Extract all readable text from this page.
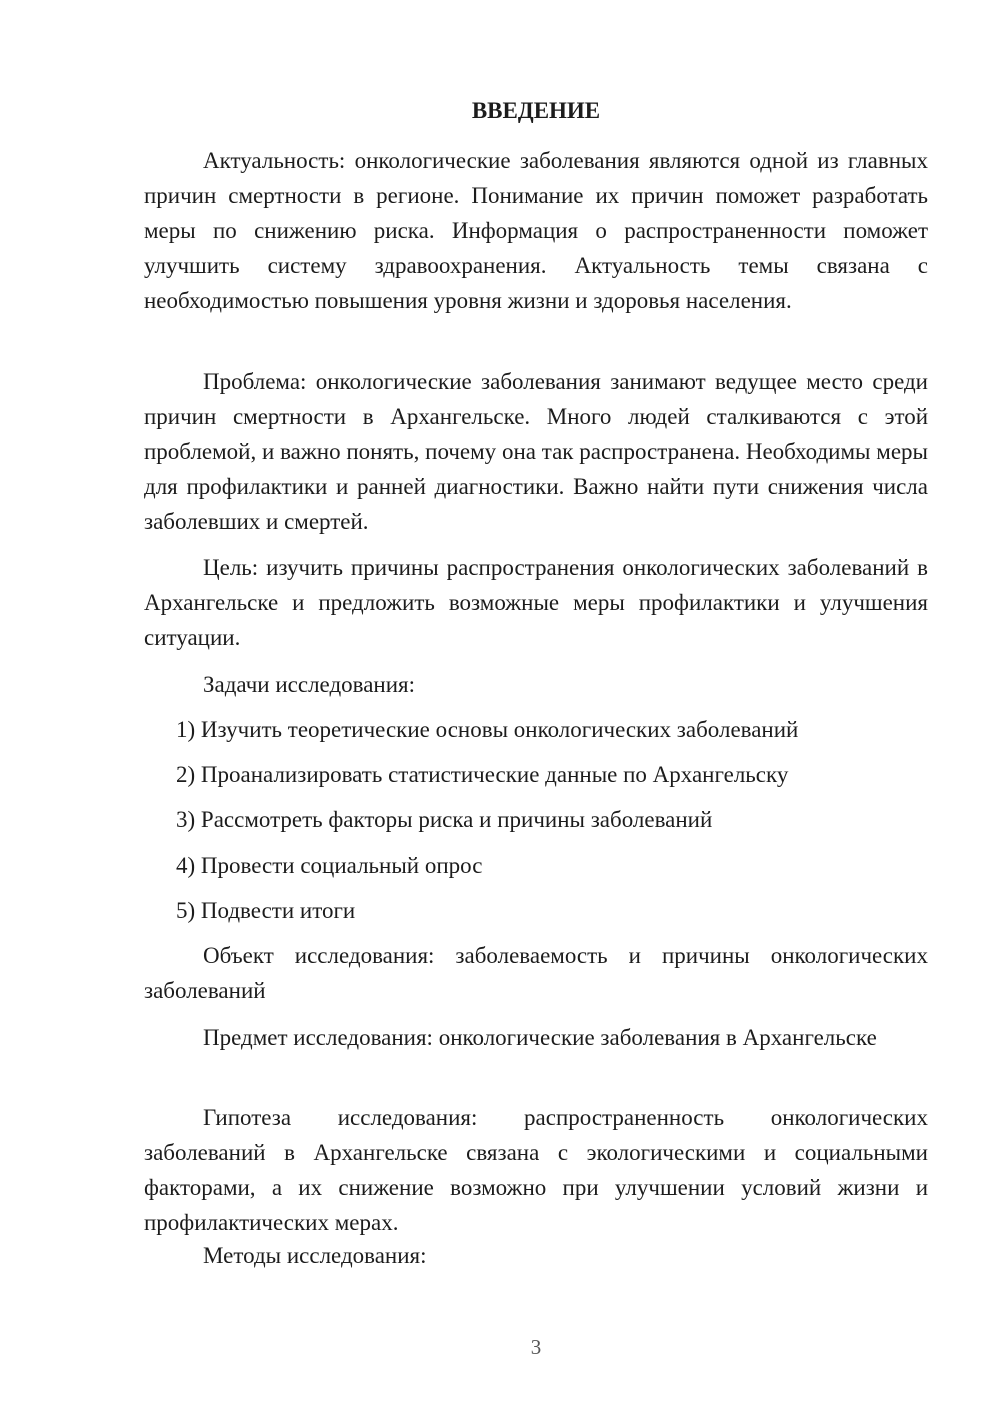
ВВЕДЕНИЕ

Актуальность: онкологические заболевания являются одной из главных причин смертности в регионе. Понимание их причин поможет разработать меры по снижению риска. Информация о распространенности поможет улучшить систему здравоохранения. Актуальность темы связана с необходимостью повышения уровня жизни и здоровья населения.

Проблема: онкологические заболевания занимают ведущее место среди причин смертности в Архангельске. Много людей сталкиваются с этой проблемой, и важно понять, почему она так распространена. Необходимы меры для профилактики и ранней диагностики. Важно найти пути снижения числа заболевших и смертей.

Цель: изучить причины распространения онкологических заболеваний в Архангельске и предложить возможные меры профилактики и улучшения ситуации.

Задачи исследования:

1) Изучить теоретические основы онкологических заболеваний

2) Проанализировать статистические данные по Архангельску

3) Рассмотреть факторы риска и причины заболеваний

4) Провести социальный опрос

5) Подвести итоги

Объект исследования: заболеваемость и причины онкологических заболеваний

Предмет исследования: онкологические заболевания в Архангельске

Гипотеза исследования: распространенность онкологических заболеваний в Архангельске связана с экологическими и социальными факторами, а их снижение возможно при улучшении условий жизни и профилактических мерах.

Методы исследования:

3
